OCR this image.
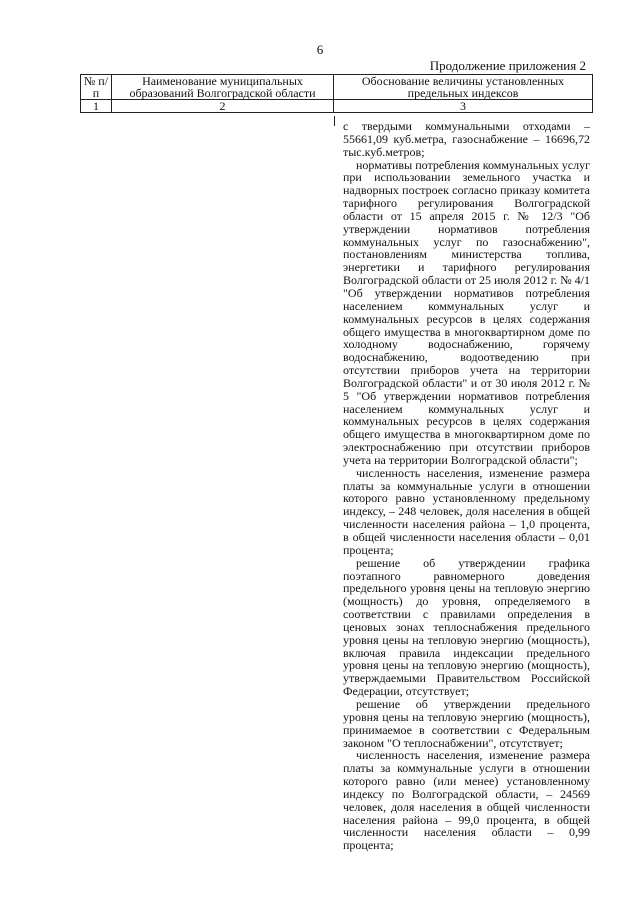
6
Продолжение приложения 2
№ п/п	Наименование муниципальных образований Волгоградской области	Обоснование величины установленных предельных индексов
1	2	3

с твердыми коммунальными отходами – 55661,09 куб.метра, газоснабжение – 16696,72 тыс.куб.метров;

нормативы потребления коммунальных услуг при использовании земельного участка и надворных построек согласно приказу комитета тарифного регулирования Волгоградской области от 15 апреля 2015 г. № 12/3 "Об утверждении нормативов потребления коммунальных услуг по газоснабжению", постановлениям министерства топлива, энергетики и тарифного регулирования Волгоградской области от 25 июля 2012 г. № 4/1 "Об утверждении нормативов потребления населением коммунальных услуг и коммунальных ресурсов в целях содержания общего имущества в многоквартирном доме по холодному водоснабжению, горячему водоснабжению, водоотведению при отсутствии приборов учета на территории Волгоградской области" и от 30 июля 2012 г. № 5 "Об утверждении нормативов потребления населением коммунальных услуг и коммунальных ресурсов в целях содержания общего имущества в многоквартирном доме по электроснабжению при отсутствии приборов учета на территории Волгоградской области";

численность населения, изменение размера платы за коммунальные услуги в отношении которого равно установленному предельному индексу, – 248 человек, доля населения в общей численности населения района – 1,0 процента, в общей численности населения области – 0,01 процента;

решение об утверждении графика поэтапного равномерного доведения предельного уровня цены на тепловую энергию (мощность) до уровня, определяемого в соответствии с правилами определения в ценовых зонах теплоснабжения предельного уровня цены на тепловую энергию (мощность), включая правила индексации предельного уровня цены на тепловую энергию (мощность), утверждаемыми Правительством Российской Федерации, отсутствует;

решение об утверждении предельного уровня цены на тепловую энергию (мощность), принимаемое в соответствии с Федеральным законом "О теплоснабжении", отсутствует;

численность населения, изменение размера платы за коммунальные услуги в отношении которого равно (или менее) установленному индексу по Волгоградской области, – 24569 человек, доля населения в общей численности населения района – 99,0 процента, в общей численности населения области – 0,99 процента;
